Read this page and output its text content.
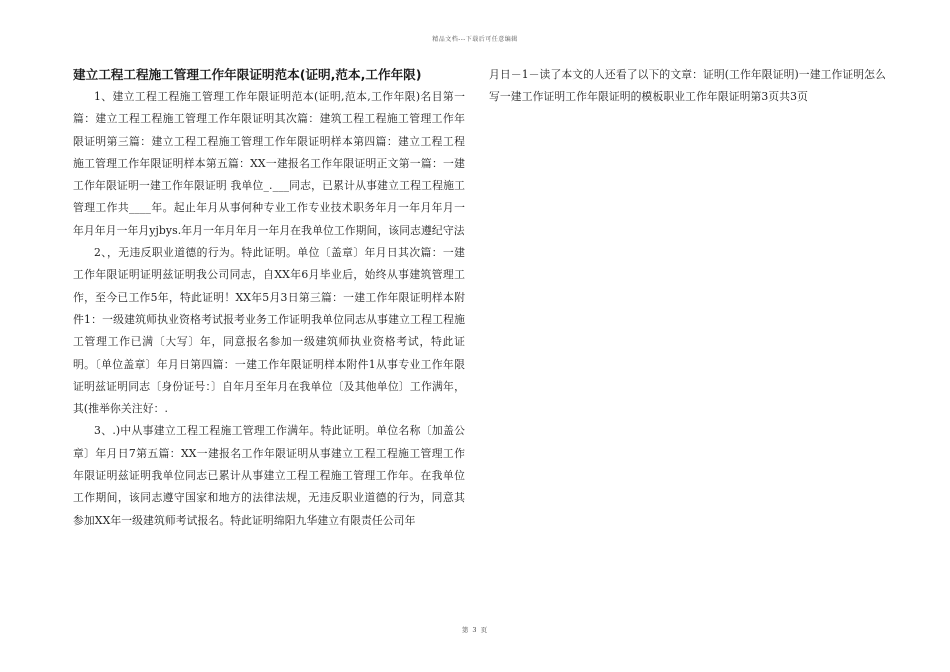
精品文档---下载后可任意编辑
建立工程工程施工管理工作年限证明范本(证明,范本,工作年限)

1、建立工程工程施工管理工作年限证明范本(证明,范本,工作年限)名目第一篇：建立工程工程施工管理工作年限证明其次篇：建筑工程工程施工管理工作年限证明第三篇：建立工程工程施工管理工作年限证明样本第四篇：建立工程工程施工管理工作年限证明样本第五篇：XX一建报名工作年限证明正文第一篇：一建工作年限证明一建工作年限证明 我单位_.___同志，已累计从事建立工程工程施工管理工作共____年。起止年月从事何种专业工作专业技术职务年月一年月年月一年月年月一年月yjbys.年月一年月年月一年月在我单位工作期间，该同志遵纪守法

2、，无违反职业道德的行为。特此证明。单位〔盖章〕年月日其次篇：一建工作年限证明证明兹证明我公司同志，自XX年6月毕业后，始终从事建筑管理工作，至今已工作5年，特此证明！XX年5月3日第三篇：一建工作年限证明样本附件1：一级建筑师执业资格考试报考业务工作证明我单位同志从事建立工程工程施工管理工作已满〔大写〕年，同意报名参加一级建筑师执业资格考试，特此证明。〔单位盖章〕年月日第四篇：一建工作年限证明样本附件1从事专业工作年限证明兹证明同志〔身份证号：〕自年月至年月在我单位〔及其他单位〕工作满年，其(推举你关注好：.

3、.)中从事建立工程工程施工管理工作满年。特此证明。单位名称〔加盖公章〕年月日7第五篇：XX一建报名工作年限证明从事建立工程工程施工管理工作年限证明兹证明我单位同志已累计从事建立工程工程施工管理工作年。在我单位工作期间，该同志遵守国家和地方的法律法规，无违反职业道德的行为，同意其参加XX年一级建筑师考试报名。特此证明绵阳九华建立有限责任公司年

月日－1－读了本文的人还看了以下的文章：证明(工作年限证明)一建工作证明怎么写一建工作证明工作年限证明的模板职业工作年限证明第3页共3页

第 3 页
